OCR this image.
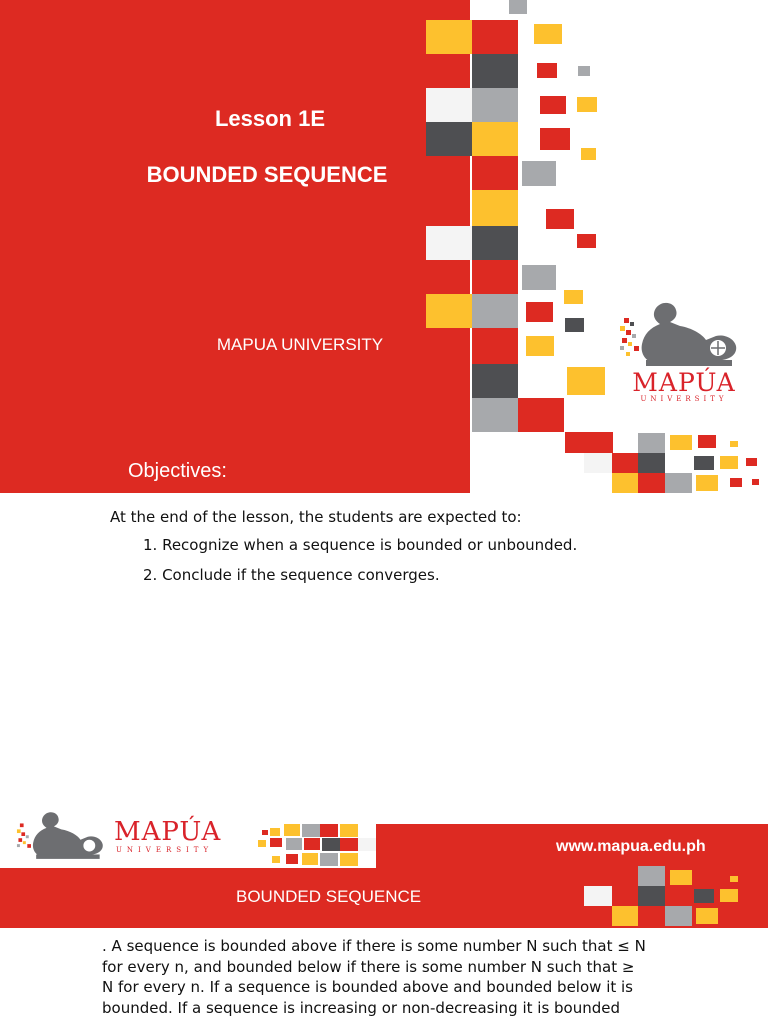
MAPÚA
UNIVERSITY
Lesson 1E
BOUNDED SEQUENCE
MAPUA UNIVERSITY
Objectives:
At the end of the lesson, the students are expected to:
1. Recognize when a sequence is bounded or unbounded.
2. Conclude if the sequence converges.
www.mapua.edu.ph
MAPÚA
UNIVERSITY
BOUNDED SEQUENCE
. A sequence is bounded above if there is some number N such that ≤ N
for every n, and bounded below if there is some number N such that ≥
N for every n. If a sequence is bounded above and bounded below it is
bounded. If a sequence is increasing or non-decreasing it is bounded
